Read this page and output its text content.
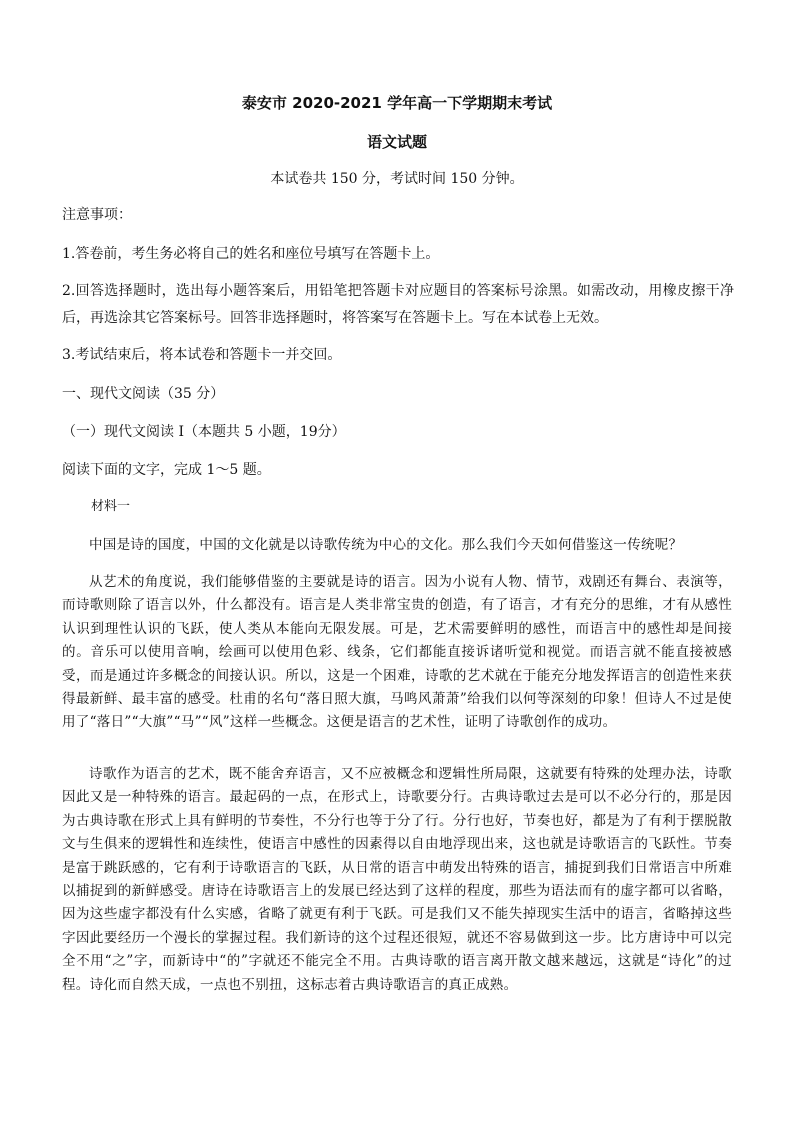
泰安市 2020-2021 学年高一下学期期末考试
语文试题
本试卷共 150 分，考试时间 150 分钟。
注意事项：
1.答卷前，考生务必将自己的姓名和座位号填写在答题卡上。
2.回答选择题时，选出每小题答案后，用铅笔把答题卡对应题目的答案标号涂黑。如需改动，用橡皮擦干净后，再选涂其它答案标号。回答非选择题时，将答案写在答题卡上。写在本试卷上无效。
3.考试结束后，将本试卷和答题卡一并交回。
一、现代文阅读（35 分）
（一）现代文阅读 I（本题共 5 小题，19分）
阅读下面的文字，完成 1～5 题。
材料一
中国是诗的国度，中国的文化就是以诗歌传统为中心的文化。那么我们今天如何借鉴这一传统呢？
从艺术的角度说，我们能够借鉴的主要就是诗的语言。因为小说有人物、情节，戏剧还有舞台、表演等，而诗歌则除了语言以外，什么都没有。语言是人类非常宝贵的创造，有了语言，才有充分的思维，才有从感性认识到理性认识的飞跃，使人类从本能向无限发展。可是，艺术需要鲜明的感性，而语言中的感性却是间接的。音乐可以使用音响，绘画可以使用色彩、线条，它们都能直接诉诸听觉和视觉。而语言就不能直接被感受，而是通过许多概念的间接认识。所以，这是一个困难，诗歌的艺术就在于能充分地发挥语言的创造性来获得最新鲜、最丰富的感受。杜甫的名句“落日照大旗，马鸣风萧萧”给我们以何等深刻的印象！但诗人不过是使用了“落日”“大旗”“马”“风”这样一些概念。这便是语言的艺术性，证明了诗歌创作的成功。
诗歌作为语言的艺术，既不能舍弃语言，又不应被概念和逻辑性所局限，这就要有特殊的处理办法，诗歌因此又是一种特殊的语言。最起码的一点，在形式上，诗歌要分行。古典诗歌过去是可以不必分行的，那是因为古典诗歌在形式上具有鲜明的节奏性，不分行也等于分了行。分行也好，节奏也好，都是为了有利于摆脱散文与生俱来的逻辑性和连续性，使语言中感性的因素得以自由地浮现出来，这也就是诗歌语言的飞跃性。节奏是富于跳跃感的，它有利于诗歌语言的飞跃，从日常的语言中萌发出特殊的语言，捕捉到我们日常语言中所难以捕捉到的新鲜感受。唐诗在诗歌语言上的发展已经达到了这样的程度，那些为语法而有的虚字都可以省略，因为这些虚字都没有什么实感，省略了就更有利于飞跃。可是我们又不能失掉现实生活中的语言，省略掉这些字因此要经历一个漫长的掌握过程。我们新诗的这个过程还很短，就还不容易做到这一步。比方唐诗中可以完全不用“之”字，而新诗中“的”字就还不能完全不用。古典诗歌的语言离开散文越来越远，这就是“诗化”的过程。诗化而自然天成，一点也不别扭，这标志着古典诗歌语言的真正成熟。
